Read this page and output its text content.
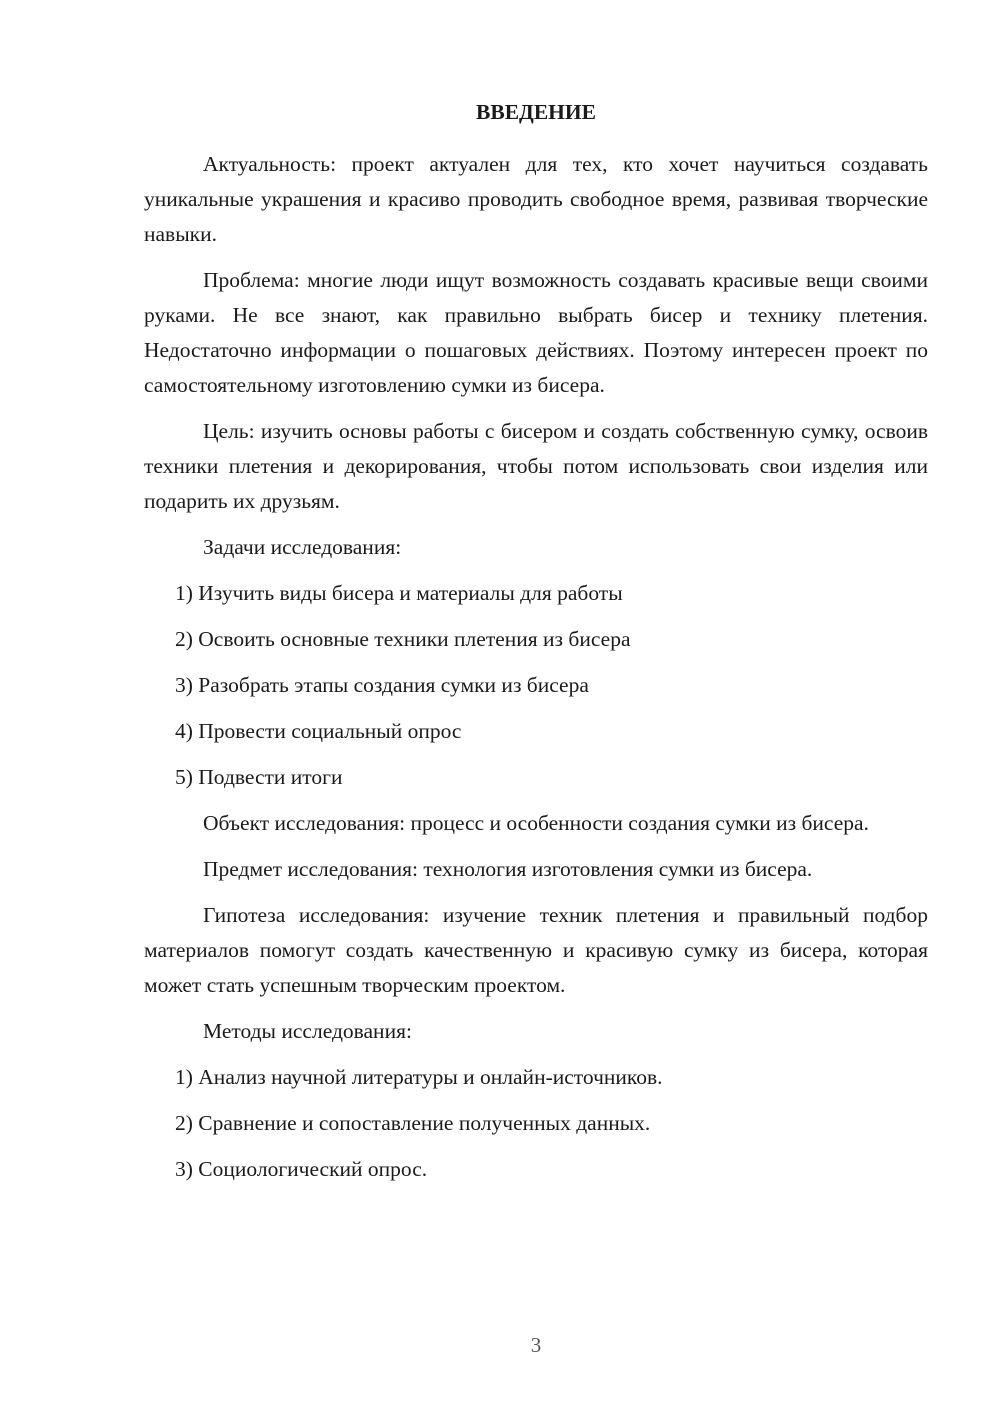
ВВЕДЕНИЕ

Актуальность: проект актуален для тех, кто хочет научиться создавать уникальные украшения и красиво проводить свободное время, развивая творческие навыки.

Проблема: многие люди ищут возможность создавать красивые вещи своими руками. Не все знают, как правильно выбрать бисер и технику плетения. Недостаточно информации о пошаговых действиях. Поэтому интересен проект по самостоятельному изготовлению сумки из бисера.

Цель: изучить основы работы с бисером и создать собственную сумку, освоив техники плетения и декорирования, чтобы потом использовать свои изделия или подарить их друзьям.

Задачи исследования:

1) Изучить виды бисера и материалы для работы

2) Освоить основные техники плетения из бисера

3) Разобрать этапы создания сумки из бисера

4) Провести социальный опрос

5) Подвести итоги

Объект исследования: процесс и особенности создания сумки из бисера.

Предмет исследования: технология изготовления сумки из бисера.

Гипотеза исследования: изучение техник плетения и правильный подбор материалов помогут создать качественную и красивую сумку из бисера, которая может стать успешным творческим проектом.

Методы исследования:

1) Анализ научной литературы и онлайн-источников.

2) Сравнение и сопоставление полученных данных.

3) Социологический опрос.

3
